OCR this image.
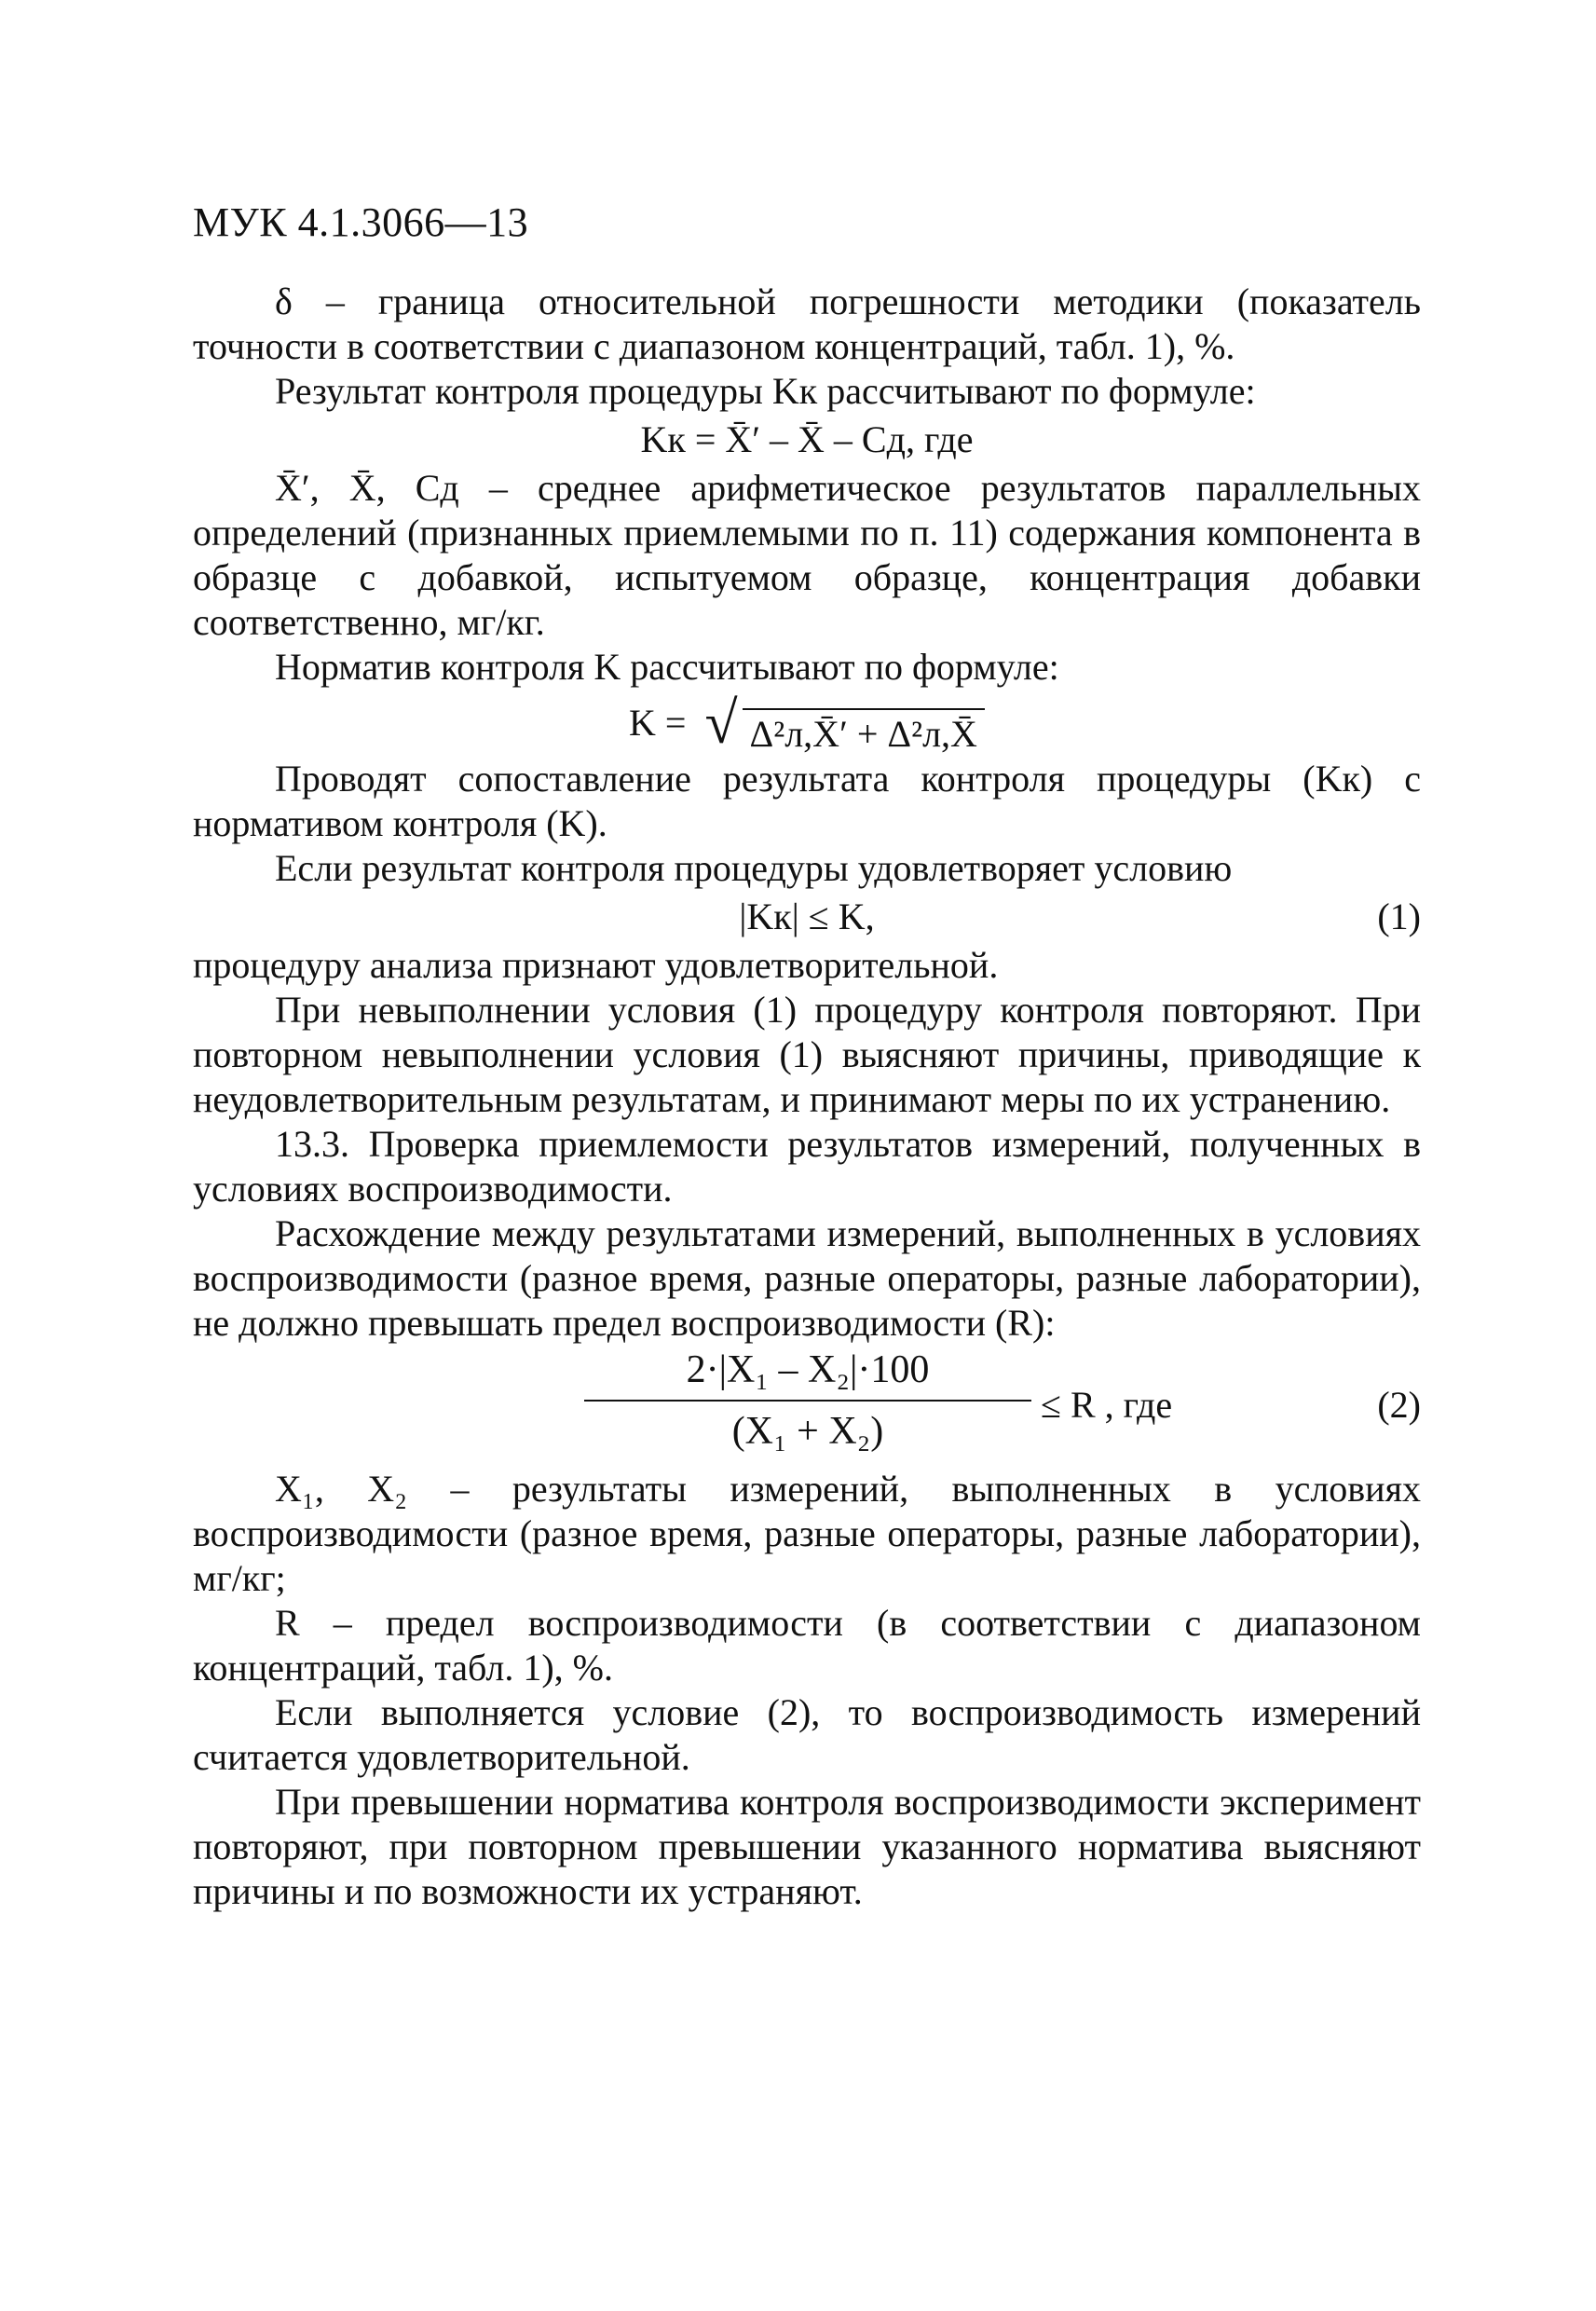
МУК 4.1.3066—13

δ – граница относительной погрешности методики (показатель точности в соответствии с диапазоном концентраций, табл. 1), %.

Результат контроля процедуры Kк рассчитывают по формуле:

Kк = X̄′ – X̄ – Cд, где

X̄′, X̄, Cд – среднее арифметическое результатов параллельных определений (признанных приемлемыми по п. 11) содержания компонента в образце с добавкой, испытуемом образце, концентрация добавки соответственно, мг/кг.

Норматив контроля K рассчитывают по формуле:

K = √ Δ²л,X̄′ + Δ²л,X̄

Проводят сопоставление результата контроля процедуры (Kк) с нормативом контроля (K).

Если результат контроля процедуры удовлетворяет условию

|Kк| ≤ K,	(1)

процедуру анализа признают удовлетворительной.

При невыполнении условия (1) процедуру контроля повторяют. При повторном невыполнении условия (1) выясняют причины, приводящие к неудовлетворительным результатам, и принимают меры по их устранению.

13.3. Проверка приемлемости результатов измерений, полученных в условиях воспроизводимости.

Расхождение между результатами измерений, выполненных в условиях воспроизводимости (разное время, разные операторы, разные лаборатории), не должно превышать предел воспроизводимости (R):

$\frac{\text{2·|X₁ – X₂|·100}}{\text{(X₁ + X₂)}} \le R$ , где	(2)

X₁, X₂ – результаты измерений, выполненных в условиях воспроизводимости (разное время, разные операторы, разные лаборатории), мг/кг;

R – предел воспроизводимости (в соответствии с диапазоном концентраций, табл. 1), %.

Если выполняется условие (2), то воспроизводимость измерений считается удовлетворительной.

При превышении норматива контроля воспроизводимости эксперимент повторяют, при повторном превышении указанного норматива выясняют причины и по возможности их устраняют.
